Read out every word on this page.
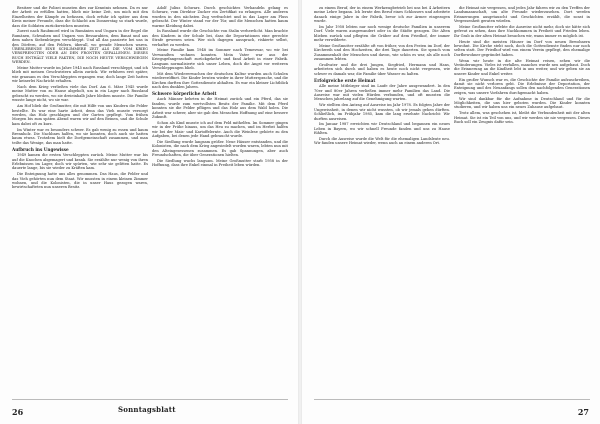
Besitzer und die Polizei mussten dies zur Kenntnis nehmen. Da es nur der Arbeit zu erfüllen hatten, blieb mir keine Zeit, um mich mit den Einzelheiten der Kämpfe zu befassen, doch erfuhr ich später aus dem Kreis meiner Freunde, dass die Schlacht am Donnerstag so stark wurde, dass die Soldaten zurückweichen mussten.

Zuerst nach Raubmord wird in Rumänien und Ungarn in der Regel die Rumänen, Schwaben und Ungarn von Bessarabien, dem Banat und aus dem nahen Siebenbürgen verschleppt. Und all das passierte bei uns in den Dörfern, auf den Feldern, überall, wo gerade Menschen waren. ÜBERLEBENDE EINE SCHLIMMERE ZEIT ALS DIE VOM KRIEG VERSPRENGTEN ODER AN DEN FRONTEN GEFALLENEN. DIESES BUCH ENTHÄLT VIELE FAKTEN, DIE NOCH HEUTE VERSCHWIEGEN WERDEN.

Meine Mutter wurde im Jahre 1945 nach Russland verschleppt, und ich blieb mit meinen Geschwistern allein zurück. Wir erfuhren erst später, wie grausam es den Verschleppten ergangen war, doch lange Zeit hatten wir keinerlei Nachricht erhalten.

Nach dem Krieg verließen viele das Dorf. Am 6. März 1945 wurde meine Mutter von zu Hause abgeholt, um in ein Lager nach Russland gebracht zu werden, wo sie dreieinhalb Jahre bleiben musste. Die Familie wusste lange nicht, wo sie war.

Am Hof blieb die Großmutter, die mit Hilfe von uns Kindern die Felder bestellte. Es war eine harte Arbeit, denn das Vieh musste versorgt werden, das Holz geschlagen und der Garten gepflegt. Vom frühen Morgen bis zum späten Abend waren wir auf den Beinen, und die Schule kam dabei oft zu kurz.

Im Winter war es besonders schwer. Es gab wenig zu essen und kaum Brennholz. Die Nachbarn halfen, wo sie konnten, doch auch sie hatten kaum etwas. Trotzdem hielt die Dorfgemeinschaft zusammen, und man teilte das Wenige, das man hatte.

Aufbruch ins Ungewisse

1949 kamen die ersten Verschleppten zurück. Meine Mutter war bis auf die Knochen abgemagert und krank. Sie erzählte nur wenig von ihren Erlebnissen im Lager, doch wir spürten, wie sehr sie gelitten hatte. Es dauerte lange, bis sie wieder zu Kräften kam.

Die Enteignung hatte uns alles genommen. Das Haus, die Felder und das Vieh gehörten nun dem Staat. Wir mussten in einem kleinen Zimmer wohnen, und die Kolonisten, die in unser Haus gezogen waren, bewirtschafteten nun unseren Besitz.

Adolf Julius Schwarz. Durch geschicktes Verhandeln gelang es Schwarz, vom Direktor Zucker ein Zertifikat zu erlangen. Alle anderen wurden in den nächsten Zug verfrachtet und in das Lager am Fluss gebracht. Der Winter stand vor der Tür, und die Menschen hatten kaum warme Kleidung dabei.

In Russland wurde die Geschichte von Stalin verherrlicht. Man brachte den Kindern in der Schule bei, dass die Deportationen eine gerechte Strafe gewesen seien. Wer sich dagegen aussprach, riskierte selbst, verhaftet zu werden.

Meine Familie kam 1948 im Sommer nach Temeswar, wo wir bei Verwandten wohnen konnten. Mein Vater war aus der Kriegsgefangenschaft zurückgekehrt und fand Arbeit in einer Fabrik. Langsam normalisierte sich unser Leben, doch die Angst vor weiteren Verschleppungen blieb.

Mit dem Wiedererwachen der deutschen Kultur wurden auch Schulen wiedereröffnet. Die Kinder lernten wieder in ihrer Muttersprache, und die Kirchen durften ihre Gottesdienste abhalten. Es war ein kleiner Lichtblick nach den dunklen Jahren.

Schwere körperliche Arbeit

Auch Männer kehrten in die Heimat zurück und ein Pferd, das sie fanden, wurde zum wertvollsten Besitz der Familie. Mit dem Pferd konnten sie die Felder pflügen und das Holz aus dem Wald holen. Die Arbeit war schwer, aber sie gab den Menschen Hoffnung auf eine bessere Zukunft.

Schon als Kind musste ich auf dem Feld mithelfen. Im Sommer gingen wir in der Frühe hinaus, um das Heu zu machen, und im Herbst halfen wir bei der Mais- und Kartoffelernte. Auch die Weinlese gehörte zu den Aufgaben, bei denen jede Hand gebraucht wurde.

Die Siedlung wurde langsam größer. Neue Häuser entstanden, und die Kolonisten, die nach dem Krieg angesiedelt worden waren, lebten nun mit den Alteingesessenen zusammen. Es gab Spannungen, aber auch Freundschaften, die über Generationen hielten.

Die Siedlung wuchs langsam. Meine Großmutter starb 1958 in der Hoffnung, dass ihre Enkel einmal in Freiheit leben würden.

26	Sonntagsblatt

zu einem Beruf, der in einem Werkzeugbetrieb bei uns bei 4 Arbeitern meine Lehre begann. Ich lernte den Beruf eines Schlossers und arbeitete danach einige Jahre in der Fabrik, bevor ich zur Armee eingezogen wurde.

Im Jahr 1958 lebten nur noch wenige deutsche Familien in unserem Dorf. Viele waren ausgewandert oder in die Städte gezogen. Die Alten blieben zurück und pflegten die Gräber auf dem Friedhof, der immer mehr verwilderte.

Meine Großmutter erzählte oft von früher, von den Festen im Dorf, der Kirchweih und den Hochzeiten, die drei Tage dauerten. Sie sprach vom Zusammenhalt der Menschen und davon, wie schön es war, als alle noch zusammen lebten.

Großvater und die drei Jungen, Siegfried, Hermann und Hans, arbeiteten sich durch und haben es heute noch nicht vergessen, wie schwer es damals war, die Familie über Wasser zu halten.

Erfolgreiche erste Heimat

Alle meine Mitbürger sind im Laufe der Jahre ausgewandert. In den 70er und 80er Jahren verließen immer mehr Familien das Land. Die Ausreise war mit vielen Hürden verbunden, und oft mussten die Menschen jahrelang auf die Genehmigung warten.

Wir stellten den Antrag auf Ausreise im Jahr 1978. Es folgten Jahre der Ungewissheit, in denen wir nicht wussten, ob wir jemals gehen dürften. Schließlich, im Frühjahr 1985, kam die lang ersehnte Nachricht: Wir durften ausreisen.

Im Januar 1987 erreichten wir Deutschland und begannen ein neues Leben in Bayern, wo wir schnell Freunde fanden und uns zu Hause fühlten.

Durch die Ausreise wurde die Welt für die ehemaligen Landsleute neu. Wir fanden unsere Heimat wieder, wenn auch an einem anderen Ort.

die Heimat nie vergessen, und jedes Jahr fahren wir zu den Treffen der Landsmannschaft, um alte Freunde wiederzusehen. Dort werden Erinnerungen ausgetauscht und Geschichten erzählt, die sonst in Vergessenheit geraten würden.

Meine Großmutter erlebte die Ausreise nicht mehr, doch sie hätte sich gefreut zu sehen, dass ihre Nachkommen in Freiheit und Frieden leben. Ihr Grab in der alten Heimat besuchen wir, wann immer es möglich ist.

Heute sind die meisten Häuser im Dorf von neuen Bewohnern bewohnt. Die Kirche steht noch, doch die Gottesdienste finden nur noch selten statt. Der Friedhof wird von einem Verein gepflegt, den ehemalige Dorfbewohner gegründet haben.

Wenn wir heute in die alte Heimat reisen, sehen wir die Veränderungen. Vieles ist verfallen, manches wurde neu aufgebaut. Doch die Erinnerung an die Kindheit lebt in uns weiter, und wir geben sie an unsere Kinder und Enkel weiter.

Ein großer Wunsch war es, die Geschichte der Familie aufzuschreiben, damit sie nicht verloren geht. Die Erlebnisse der Deportation, der Enteignung und des Neuanfangs sollen den nachfolgenden Generationen zeigen, was unsere Vorfahren durchgemacht haben.

Wir sind dankbar für die Aufnahme in Deutschland und für die Möglichkeiten, die uns hier geboten wurden. Die Kinder konnten studieren, und wir haben uns ein neues Zuhause aufgebaut.

Trotz allem, was geschehen ist, bleibt die Verbundenheit mit der alten Heimat. Sie ist ein Teil von uns, und wir werden sie nie vergessen. Dieses Buch soll ein Zeugnis dafür sein.

27
